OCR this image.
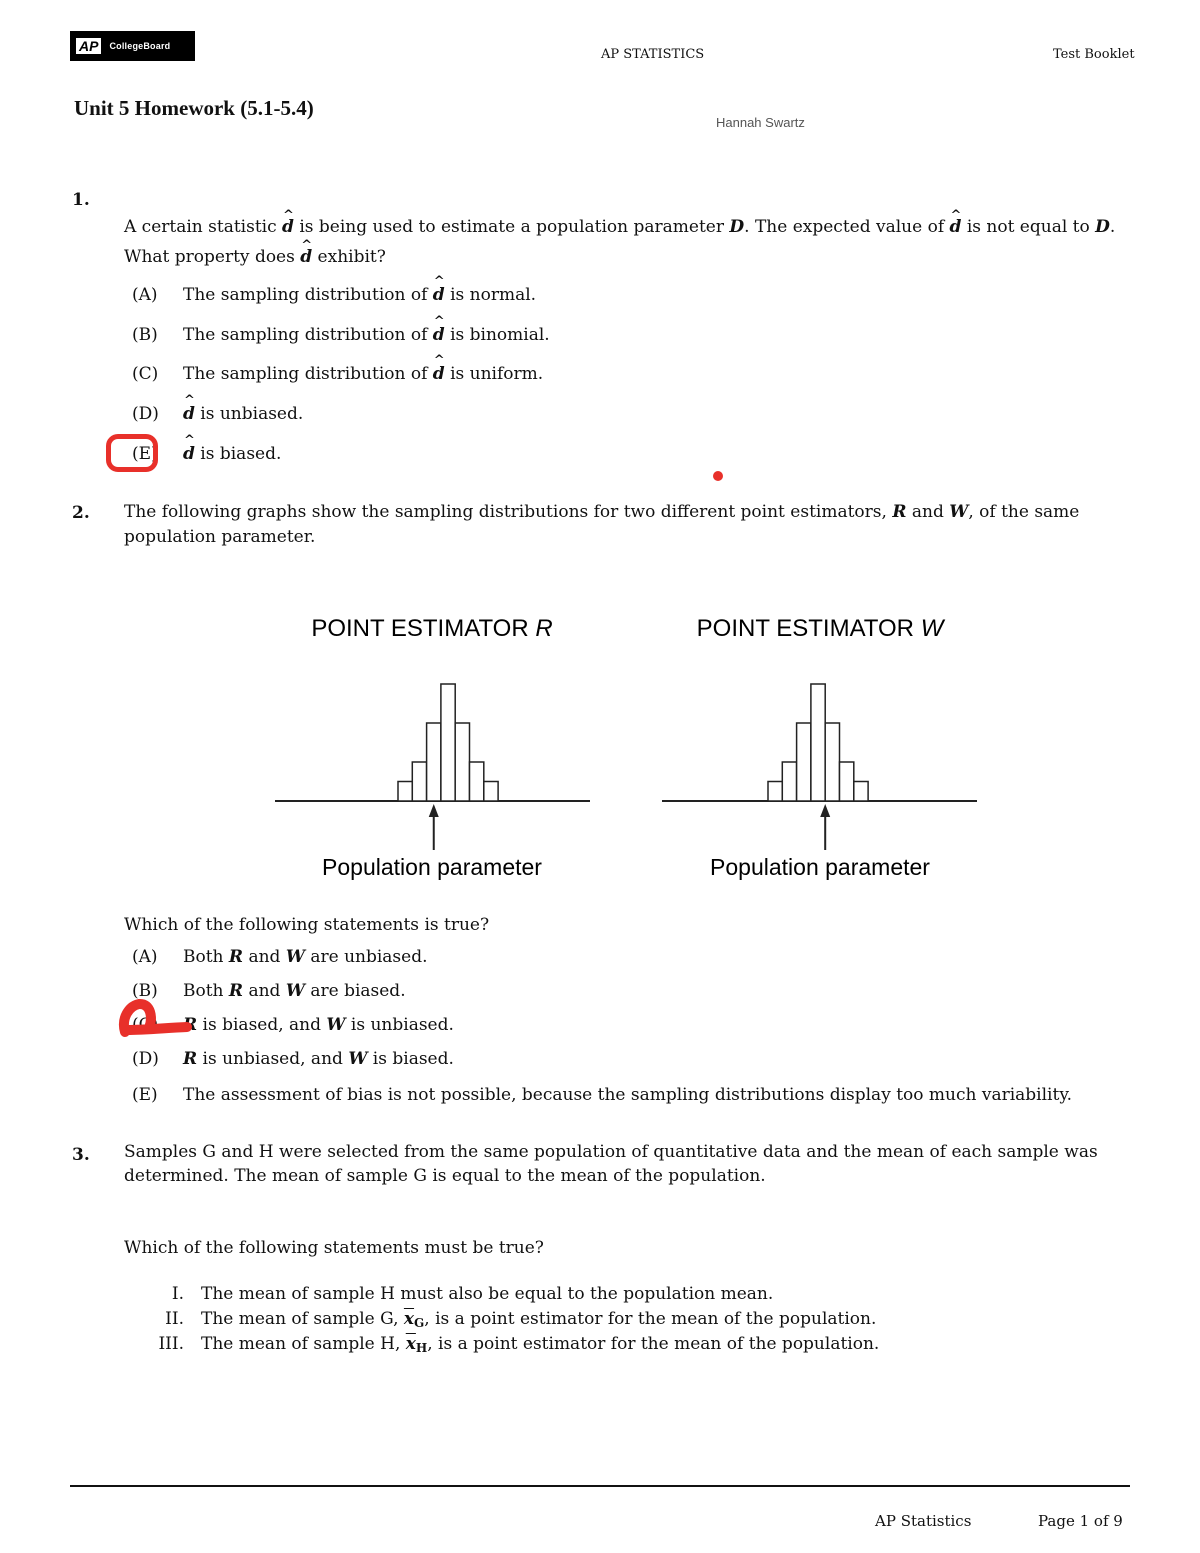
AP	CollegeBoard
AP STATISTICS	Test Booklet
Unit 5 Homework (5.1-5.4)
Hannah Swartz
1.
A certain statistic ^ d is being used to estimate a population parameter D. The expected value of ^ d is not equal to D.
What property does ^ d exhibit?
(A) The sampling distribution of ^ d is normal.
(B) The sampling distribution of ^ d is binomial.
(C) The sampling distribution of ^ d is uniform.
(D) ^ d is unbiased.
(E) ^ d is biased.
2. The following graphs show the sampling distributions for two different point estimators, R and W, of the same
population parameter.
POINT ESTIMATOR R
Population parameter
POINT ESTIMATOR W
Population parameter
Which of the following statements is true?
(A) Both R and W are unbiased.
(B) Both R and W are biased.
(C) R is biased, and W is unbiased.
(D) R is unbiased, and W is biased.
(E) The assessment of bias is not possible, because the sampling distributions display too much variability.
3. Samples G and H were selected from the same population of quantitative data and the mean of each sample was
determined. The mean of sample G is equal to the mean of the population.
Which of the following statements must be true?
I. The mean of sample H must also be equal to the population mean.
II. The mean of sample G, $\overline{x}_G$, is a point estimator for the mean of the population.
III. The mean of sample H, $\overline{x}_H$, is a point estimator for the mean of the population.
AP Statistics	Page 1 of 9
